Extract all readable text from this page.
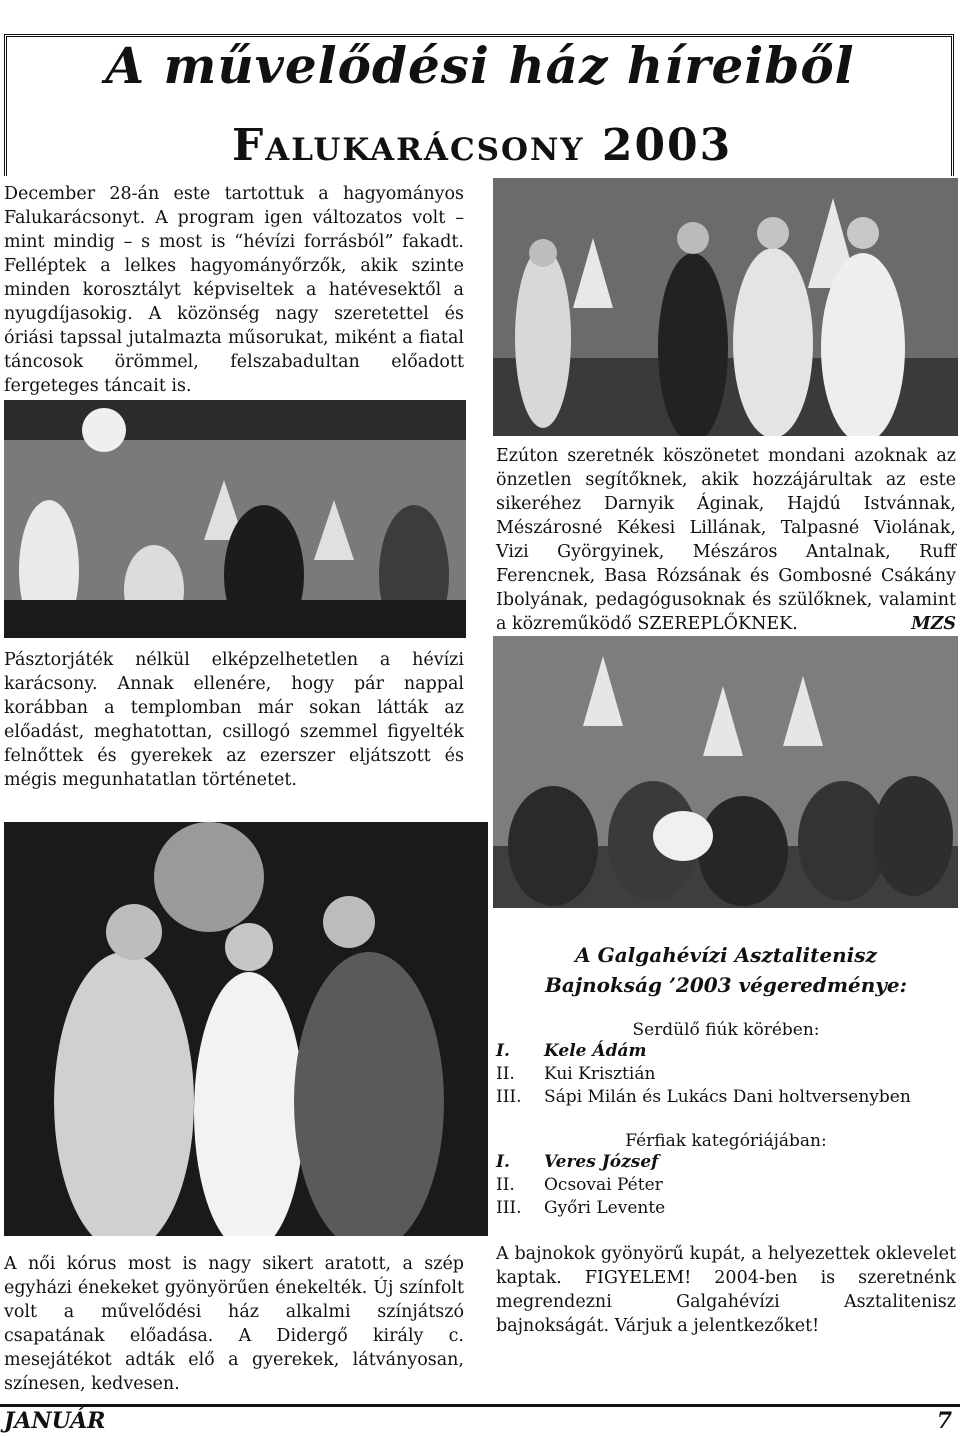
A művelődési ház híreiből
Falukarácsony 2003
December 28-án este tartottuk a hagyományos Falukarácsonyt. A program igen változatos volt – mint mindig – s most is “hévízi forrásból” fakadt. Felléptek a lelkes hagyományőrzők, akik szinte minden korosztályt képviseltek a hatévesektől a nyugdíjasokig. A közönség nagy szeretettel és óriási tapssal jutalmazta műsorukat, miként a fiatal táncosok örömmel, felszabadultan előadott fergeteges táncait is.
Ezúton szeretnék köszönetet mondani azoknak az önzetlen segítőknek, akik hozzájárultak az este sikeréhez Darnyik Áginak, Hajdú Istvánnak, Mészárosné Kékesi Lillának, Talpasné Violának, Vizi Györgyinek, Mészáros Antalnak, Ruff Ferencnek, Basa Rózsának és Gombosné Csákány Ibolyának, pedagógusoknak és szülőknek, valamint a közreműködő SZEREPLŐKNEK.	MZS
Pásztorjáték nélkül elképzelhetetlen a hévízi karácsony. Annak ellenére, hogy pár nappal korábban a templomban már sokan látták az előadást, meghatottan, csillogó szemmel figyelték felnőttek és gyerekek az ezerszer eljátszott és mégis megunhatatlan történetet.
A Galgahévízi Asztalitenisz
Bajnokság ’2003 végeredménye:
Serdülő fiúk körében:
I. Kele Ádám
II. Kui Krisztián
III. Sápi Milán és Lukács Dani holtversenyben
Férfiak kategóriájában:
I. Veres József
II. Ocsovai Péter
III. Győri Levente
A bajnokok gyönyörű kupát, a helyezettek oklevelet kaptak. FIGYELEM! 2004-ben is szeretnénk megrendezni Galgahévízi Asztalitenisz bajnokságát. Várjuk a jelentkezőket!
A női kórus most is nagy sikert aratott, a szép egyházi énekeket gyönyörűen énekelték. Új színfolt volt a művelődési ház alkalmi színjátszó csapatának előadása. A Didergő király c. mesejátékot adták elő a gyerekek, látványosan, színesen, kedvesen.
JANUÁR	7
